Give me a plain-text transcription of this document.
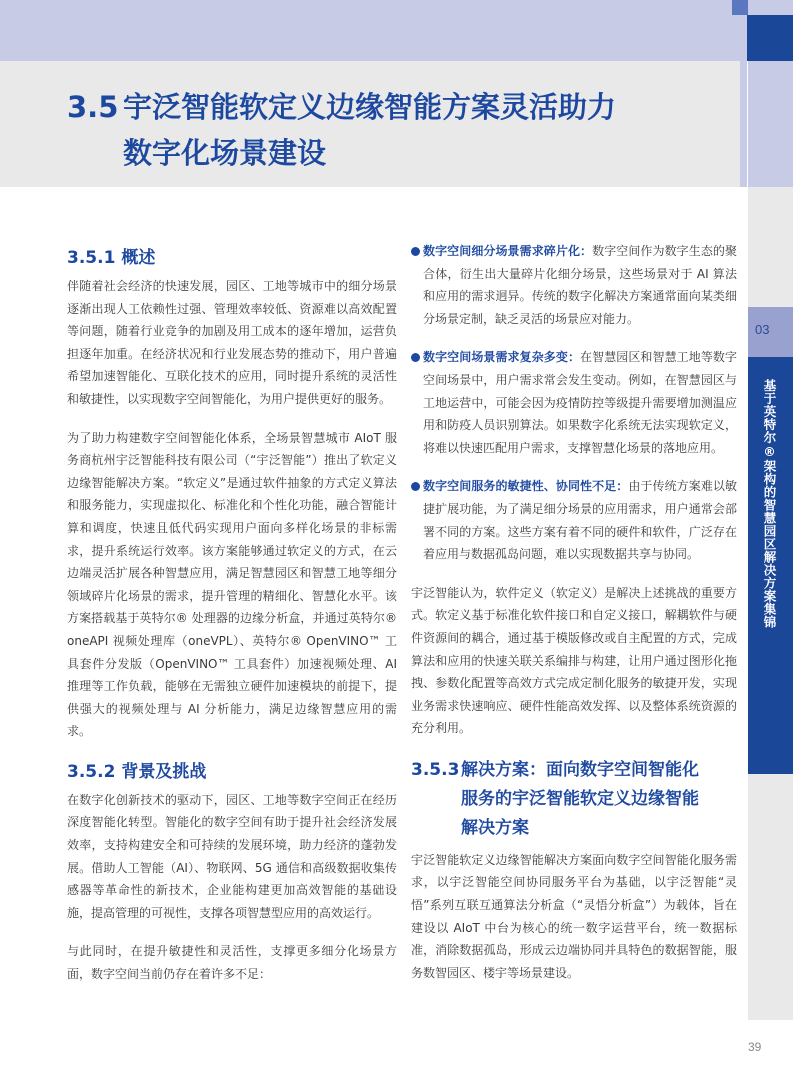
03
基于英特尔®架构的智慧园区解决方案集锦
39
3.5 宇泛智能软定义边缘智能方案灵活助力
数字化场景建设
3.5.1 概述

伴随着社会经济的快速发展，园区、工地等城市中的细分场景逐渐出现人工依赖性过强、管理效率较低、资源难以高效配置等问题，随着行业竞争的加剧及用工成本的逐年增加，运营负担逐年加重。在经济状况和行业发展态势的推动下，用户普遍希望加速智能化、互联化技术的应用，同时提升系统的灵活性和敏捷性，以实现数字空间智能化，为用户提供更好的服务。

为了助力构建数字空间智能化体系，全场景智慧城市 AIoT 服务商杭州宇泛智能科技有限公司（“宇泛智能”）推出了软定义边缘智能解决方案。“软定义”是通过软件抽象的方式定义算法和服务能力，实现虚拟化、标准化和个性化功能，融合智能计算和调度，快速且低代码实现用户面向多样化场景的非标需求，提升系统运行效率。该方案能够通过软定义的方式，在云边端灵活扩展各种智慧应用，满足智慧园区和智慧工地等细分领域碎片化场景的需求，提升管理的精细化、智慧化水平。该方案搭载基于英特尔® 处理器的边缘分析盒，并通过英特尔® oneAPI 视频处理库（oneVPL）、英特尔® OpenVINO™ 工具套件分发版（OpenVINO™ 工具套件）加速视频处理、AI 推理等工作负载，能够在无需独立硬件加速模块的前提下，提供强大的视频处理与 AI 分析能力，满足边缘智慧应用的需求。

3.5.2 背景及挑战

在数字化创新技术的驱动下，园区、工地等数字空间正在经历深度智能化转型。智能化的数字空间有助于提升社会经济发展效率，支持构建安全和可持续的发展环境，助力经济的蓬勃发展。借助人工智能（AI）、物联网、5G 通信和高级数据收集传感器等革命性的新技术，企业能构建更加高效智能的基础设施，提高管理的可视性，支撑各项智慧型应用的高效运行。

与此同时，在提升敏捷性和灵活性，支撑更多细分化场景方面，数字空间当前仍存在着许多不足：

数字空间细分场景需求碎片化：数字空间作为数字生态的聚合体，衍生出大量碎片化细分场景，这些场景对于 AI 算法和应用的需求迥异。传统的数字化解决方案通常面向某类细分场景定制，缺乏灵活的场景应对能力。
数字空间场景需求复杂多变：在智慧园区和智慧工地等数字空间场景中，用户需求常会发生变动。例如，在智慧园区与工地运营中，可能会因为疫情防控等级提升需要增加测温应用和防疫人员识别算法。如果数字化系统无法实现软定义，将难以快速匹配用户需求，支撑智慧化场景的落地应用。
数字空间服务的敏捷性、协同性不足：由于传统方案难以敏捷扩展功能，为了满足细分场景的应用需求，用户通常会部署不同的方案。这些方案有着不同的硬件和软件，广泛存在着应用与数据孤岛问题，难以实现数据共享与协同。

宇泛智能认为，软件定义（软定义）是解决上述挑战的重要方式。软定义基于标准化软件接口和自定义接口，解耦软件与硬件资源间的耦合，通过基于模版修改或自主配置的方式，完成算法和应用的快速关联关系编排与构建，让用户通过图形化拖拽、参数化配置等高效方式完成定制化服务的敏捷开发，实现业务需求快速响应、硬件性能高效发挥、以及整体系统资源的充分利用。

3.5.3解决方案：面向数字空间智能化
服务的宇泛智能软定义边缘智能
解决方案

宇泛智能软定义边缘智能解决方案面向数字空间智能化服务需求，以宇泛智能空间协同服务平台为基础，以宇泛智能“灵悟”系列互联互通算法分析盒（“灵悟分析盒”）为载体，旨在建设以 AIoT 中台为核心的统一数字运营平台，统一数据标准，消除数据孤岛，形成云边端协同并具特色的数据智能，服务数智园区、楼宇等场景建设。
